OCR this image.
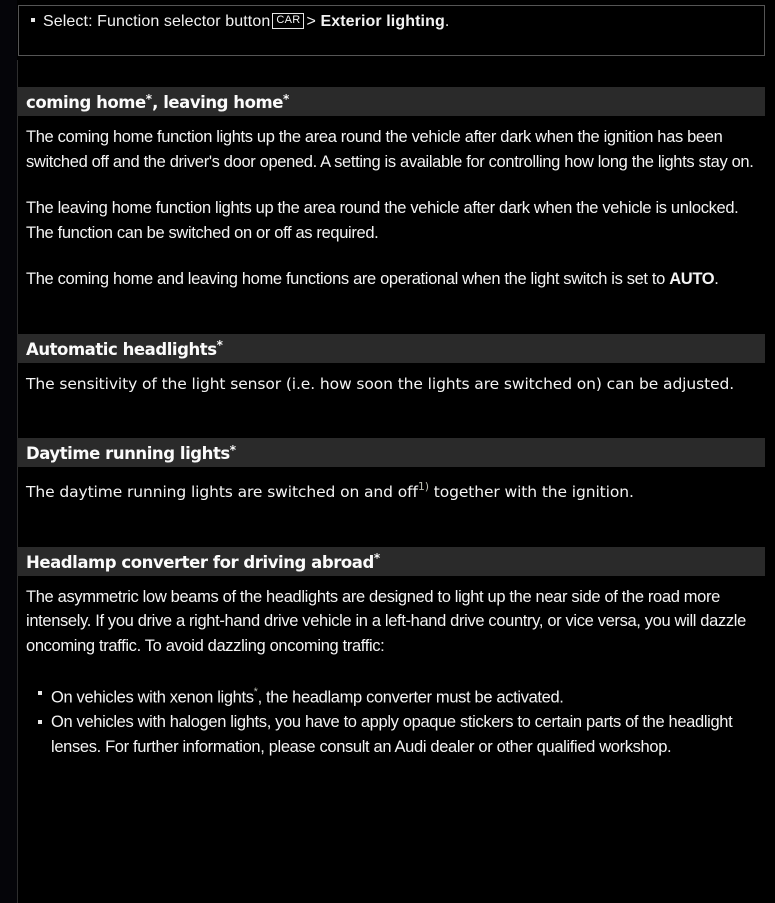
Select: Function selector button CAR > Exterior lighting.
coming home * , leaving home *

The coming home function lights up the area round the vehicle after dark when the ignition has been switched off and the driver's door opened. A setting is available for controlling how long the lights stay on.

The leaving home function lights up the area round the vehicle after dark when the vehicle is unlocked. The function can be switched on or off as required.

The coming home and leaving home functions are operational when the light switch is set to AUTO.

Automatic headlights *

The sensitivity of the light sensor (i.e. how soon the lights are switched on) can be adjusted.

Daytime running lights *

The daytime running lights are switched on and off$^{1)}$ together with the ignition.

Headlamp converter for driving abroad *

The asymmetric low beams of the headlights are designed to light up the near side of the road more intensely. If you drive a right-hand drive vehicle in a left-hand drive country, or vice versa, you will dazzle oncoming traffic. To avoid dazzling oncoming traffic:

On vehicles with xenon lights*, the headlamp converter must be activated.
On vehicles with halogen lights, you have to apply opaque stickers to certain parts of the headlight lenses. For further information, please consult an Audi dealer or other qualified workshop.
